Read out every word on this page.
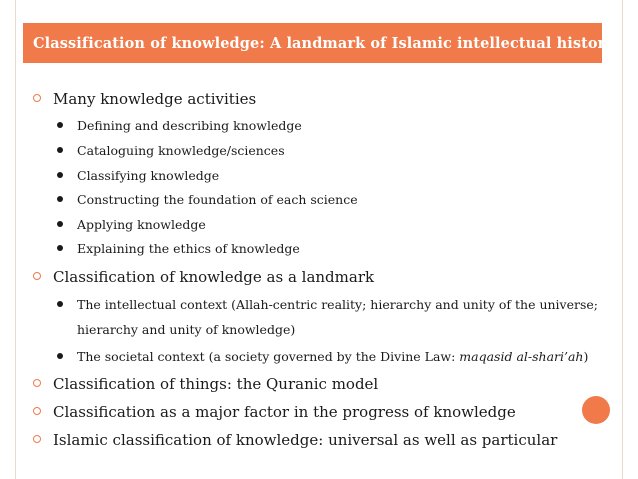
Classification of knowledge: A landmark of Islamic intellectual history
Many knowledge activities
Defining and describing knowledge
Cataloguing knowledge/sciences
Classifying knowledge
Constructing the foundation of each science
Applying knowledge
Explaining the ethics of knowledge
Classification of knowledge as a landmark
The intellectual context (Allah-centric reality; hierarchy and unity of the universe;
hierarchy and unity of knowledge)
The societal context (a society governed by the Divine Law: maqasid al-shari’ah)
Classification of things: the Quranic model
Classification as a major factor in the progress of knowledge
Islamic classification of knowledge: universal as well as particular
